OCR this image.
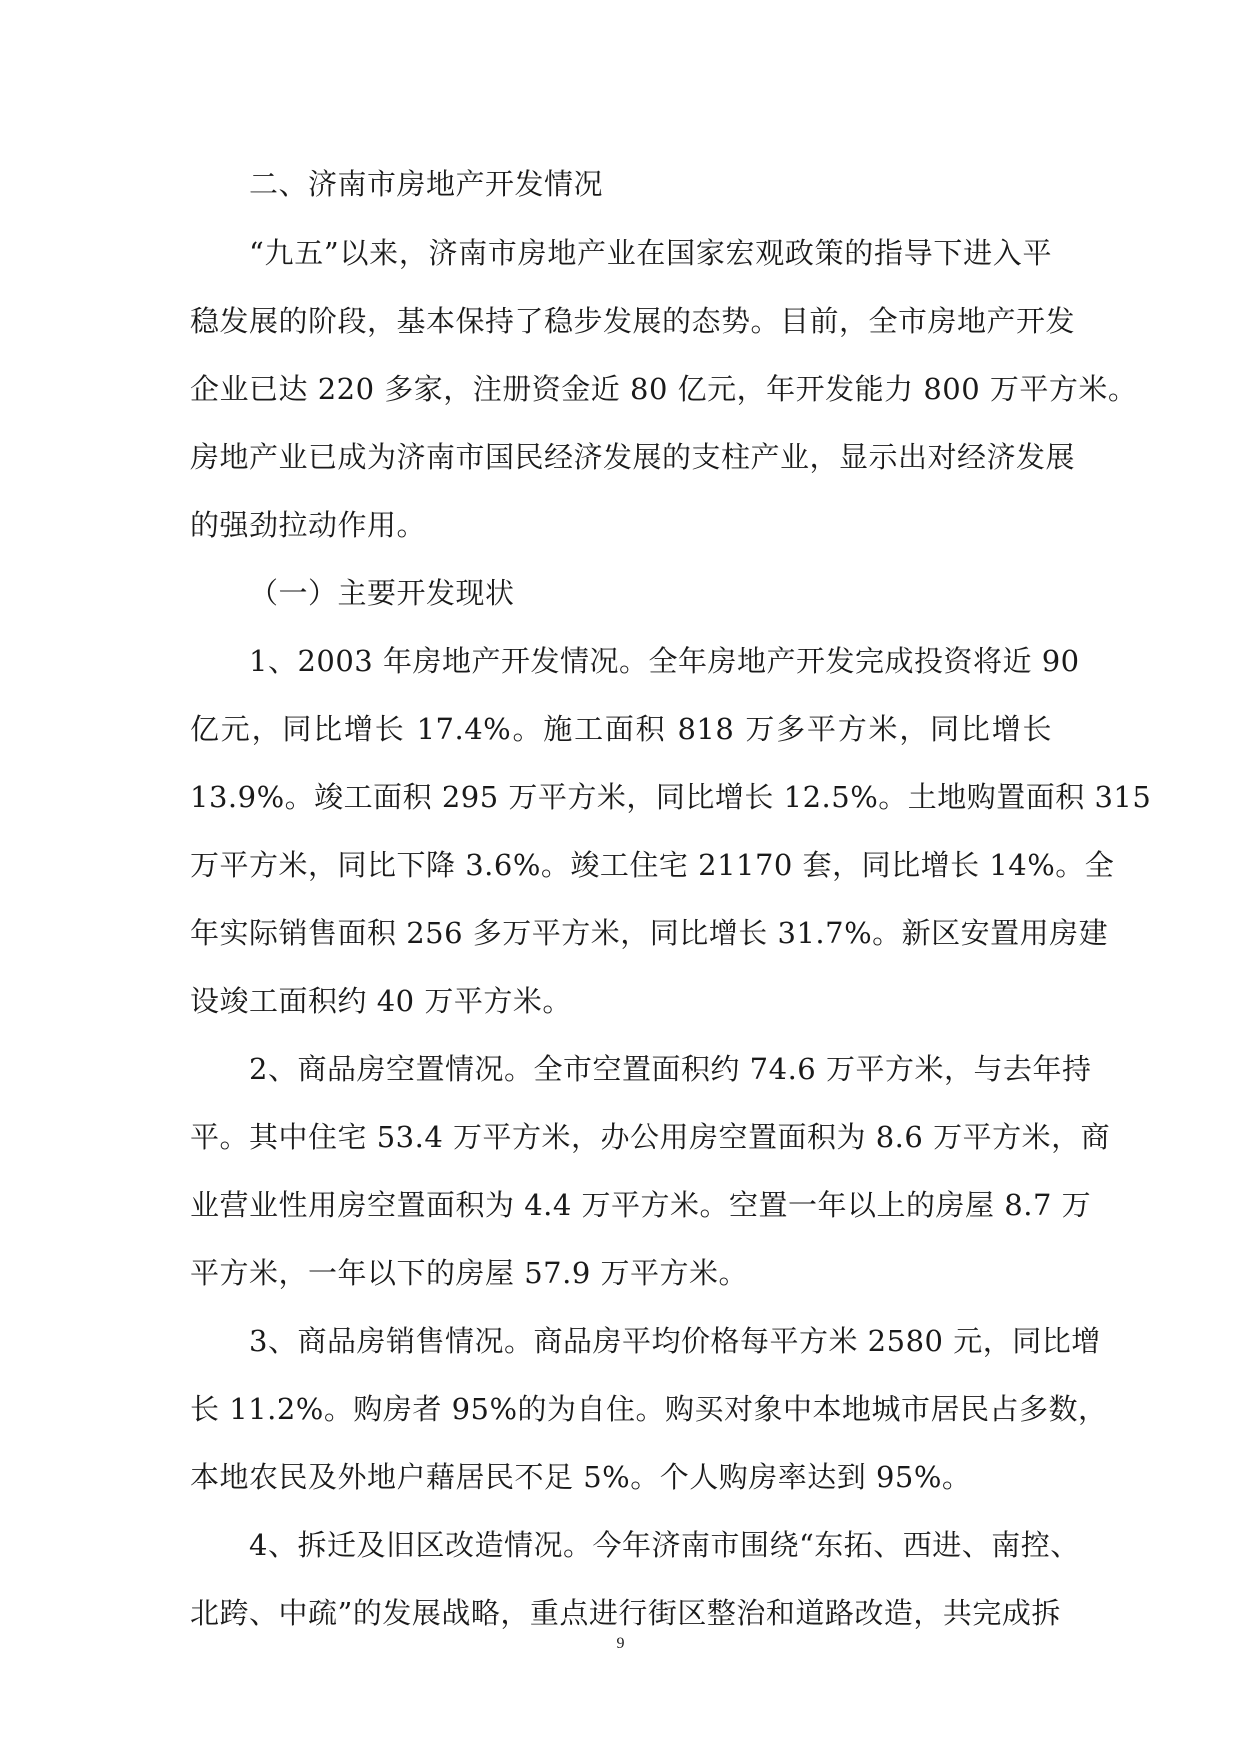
二、济南市房地产开发情况
“九五”以来，济南市房地产业在国家宏观政策的指导下进入平
稳发展的阶段，基本保持了稳步发展的态势。目前，全市房地产开发
企业已达 220 多家，注册资金近 80 亿元，年开发能力 800 万平方米。
房地产业已成为济南市国民经济发展的支柱产业，显示出对经济发展
的强劲拉动作用。
（一）主要开发现状
1、2003 年房地产开发情况。全年房地产开发完成投资将近 90
亿元，同比增长 17.4%。施工面积 818 万多平方米，同比增长
13.9%。竣工面积 295 万平方米，同比增长 12.5%。土地购置面积 315
万平方米，同比下降 3.6%。竣工住宅 21170 套，同比增长 14%。全
年实际销售面积 256 多万平方米，同比增长 31.7%。新区安置用房建
设竣工面积约 40 万平方米。
2、商品房空置情况。全市空置面积约 74.6 万平方米，与去年持
平。其中住宅 53.4 万平方米，办公用房空置面积为 8.6 万平方米，商
业营业性用房空置面积为 4.4 万平方米。空置一年以上的房屋 8.7 万
平方米，一年以下的房屋 57.9 万平方米。
3、商品房销售情况。商品房平均价格每平方米 2580 元，同比增
长 11.2%。购房者 95%的为自住。购买对象中本地城市居民占多数，
本地农民及外地户藉居民不足 5%。个人购房率达到 95%。
4、拆迁及旧区改造情况。今年济南市围绕“东拓、西进、南控、
北跨、中疏”的发展战略，重点进行街区整治和道路改造，共完成拆
9
